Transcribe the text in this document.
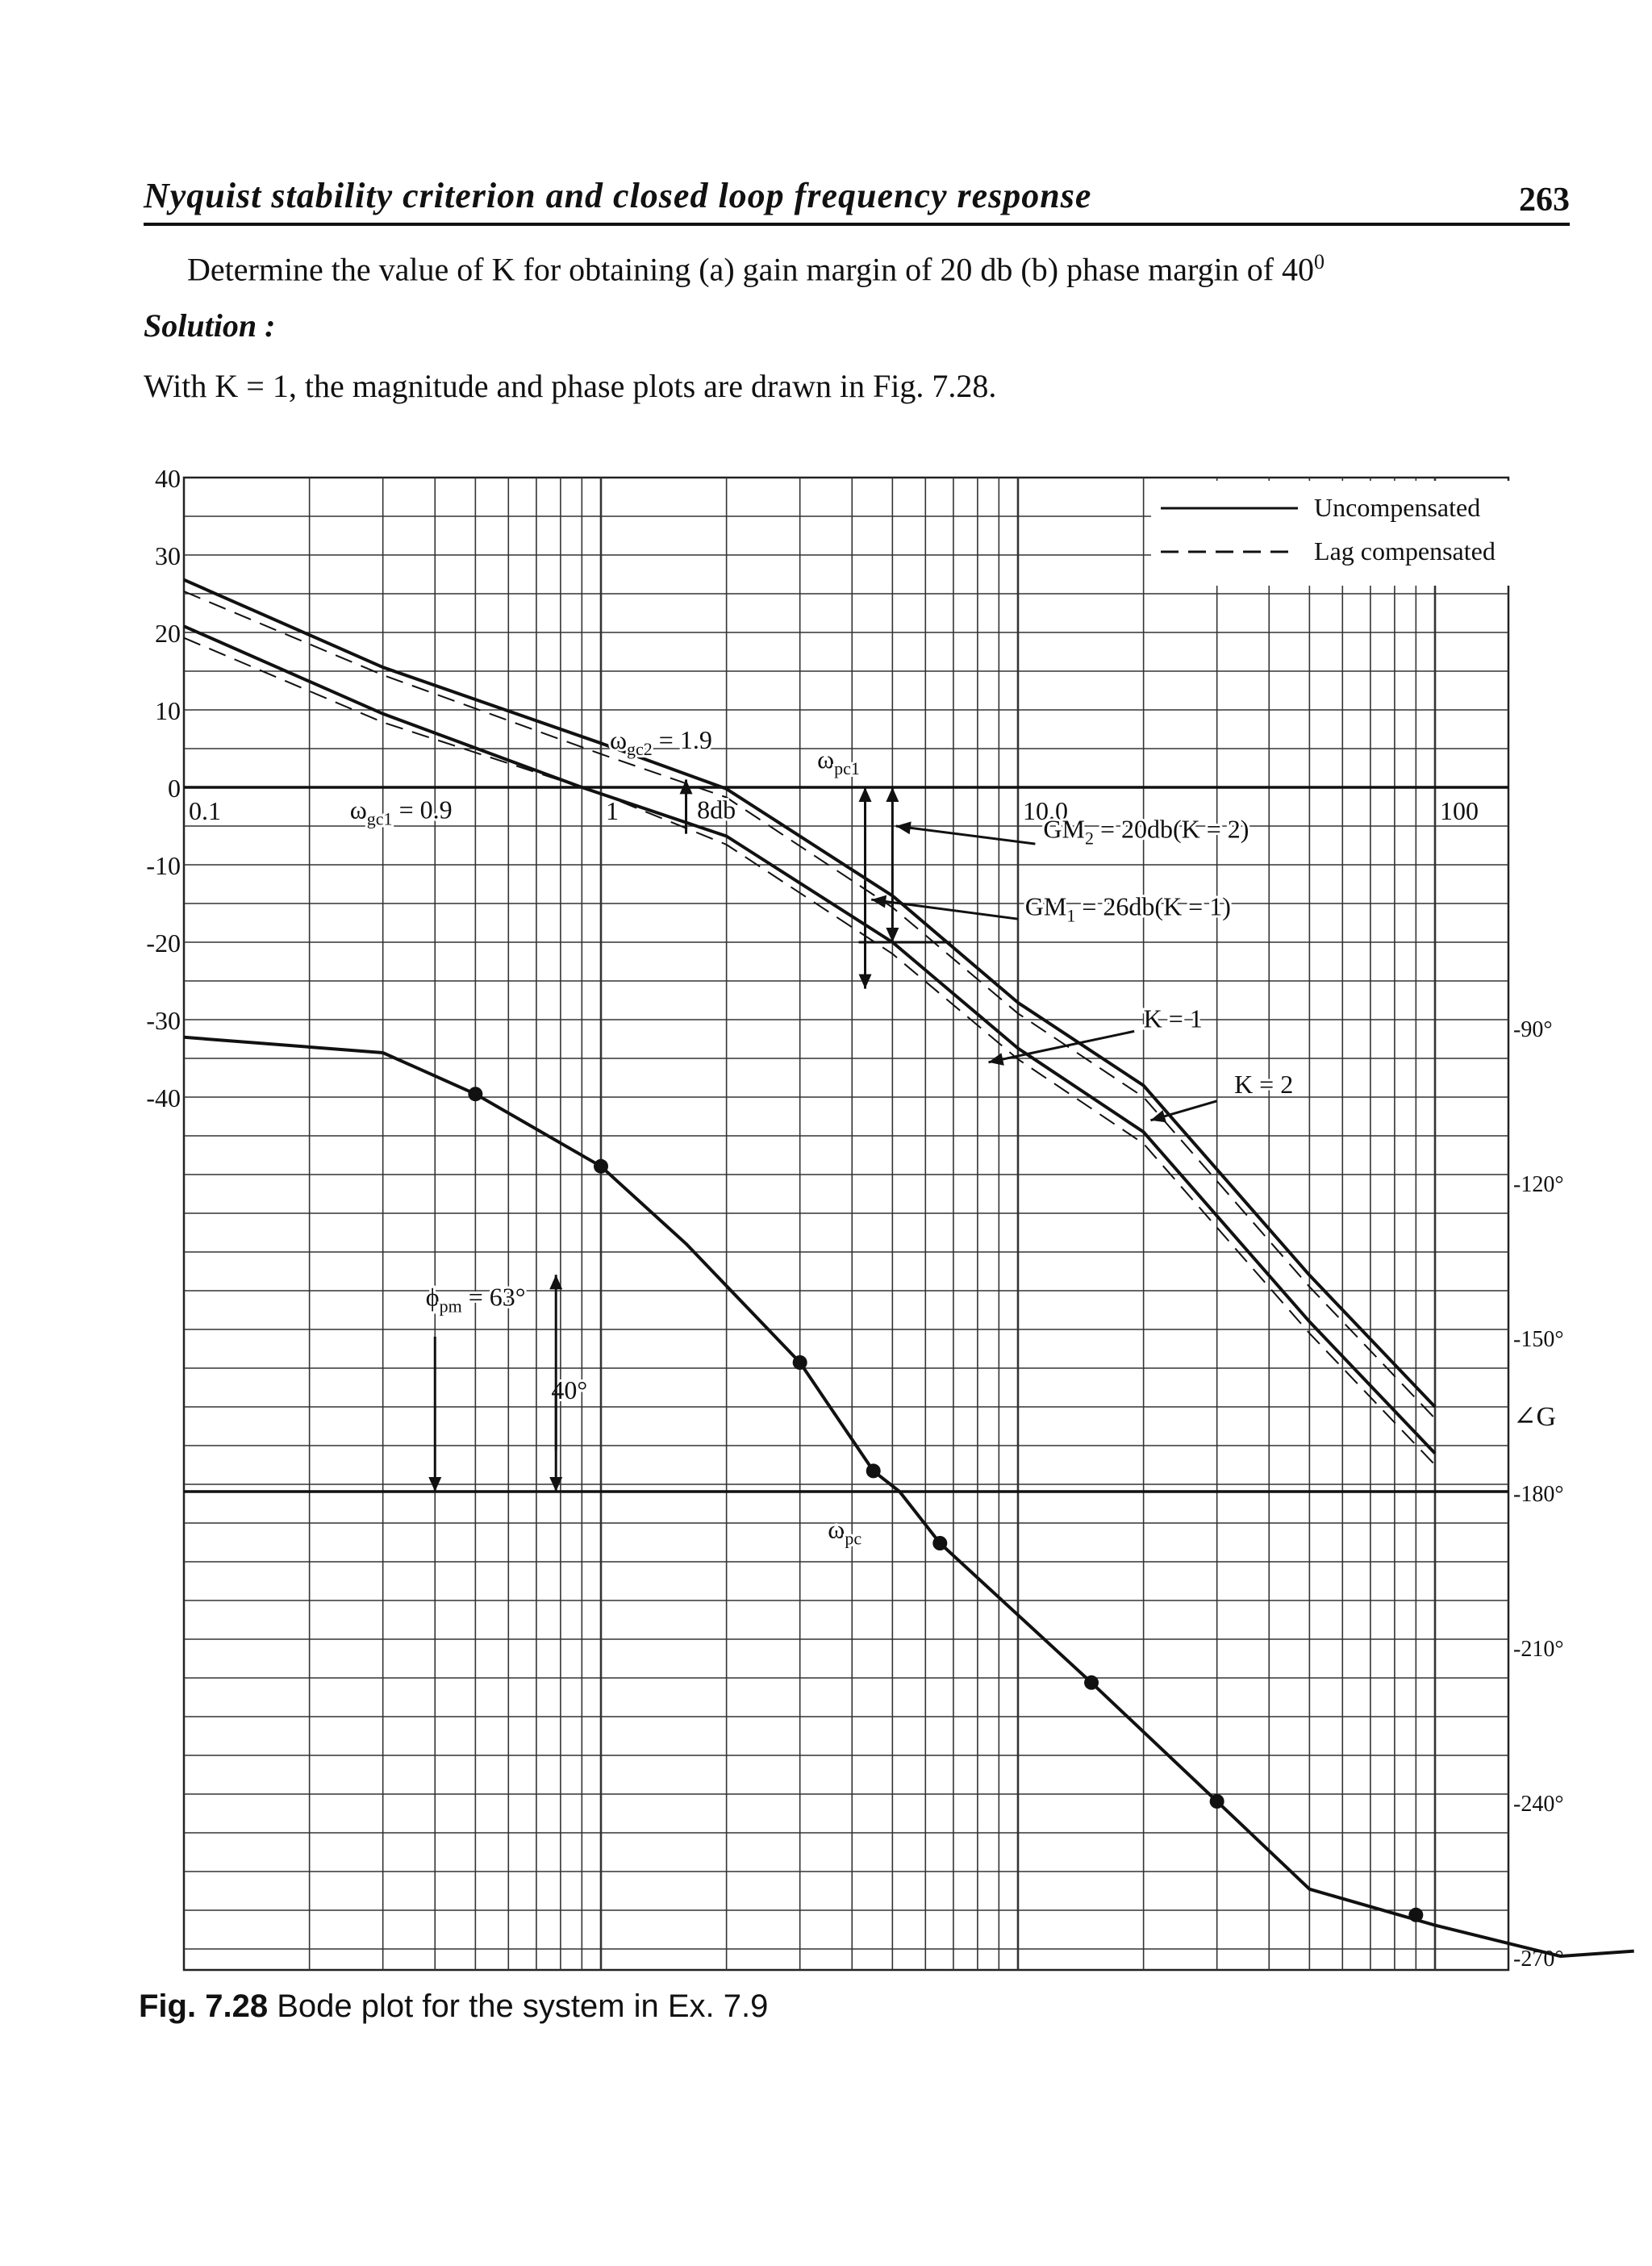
Nyquist stability criterion and closed loop frequency response	263
Determine the value of K for obtaining (a) gain margin of 20 db (b) phase margin of $40^0$
Solution :
With K = 1, the magnitude and phase plots are drawn in Fig. 7.28.
40
30
20
10
0
-10
-20
-30
-40
-90°
-120°
-150°
-180°
-210°
-240°
-270°
∠G
0.1	1	10.0	100
$\omega_{gc1} = 0.9$
$\omega_{gc2} = 1.9$
$\omega_{pc1}$
8db
$GM_2 = 20db(K = 2)$
$GM_1 = 26db(K = 1)$
K = 1
K = 2
$\phi_{pm} = 63^\circ$
40°
$\omega_{pc}$
Uncompensated
Lag compensated
Fig. 7.28 Bode plot for the system in Ex. 7.9
